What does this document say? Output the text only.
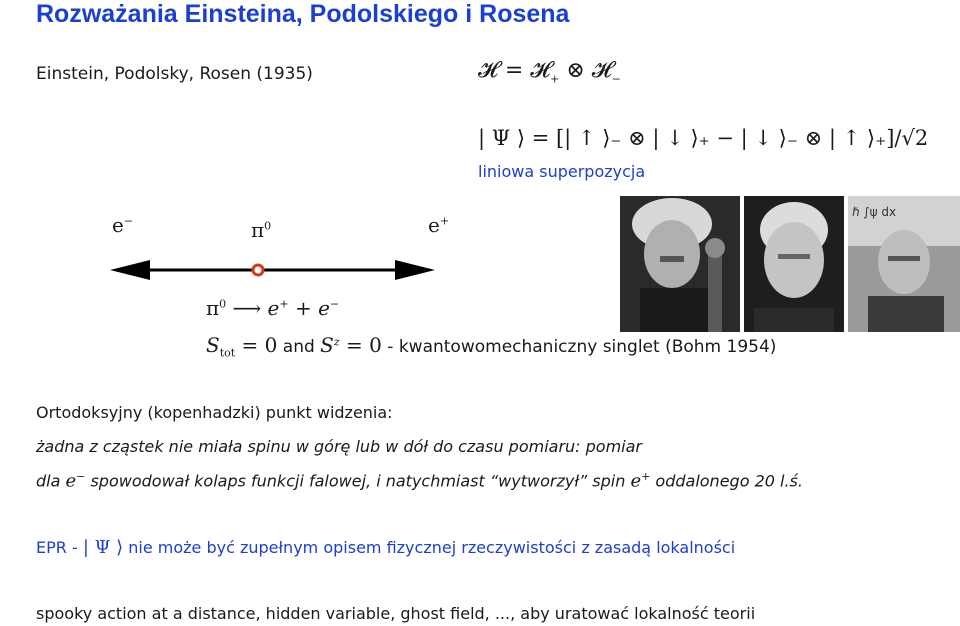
Rozważania Einsteina, Podolskiego i Rosena
Einstein, Podolsky, Rosen (1935)	𝓗 = 𝓗$_+$ ⊗ 𝓗$_-$
| Ψ ⟩ = [| ↑ ⟩₋ ⊗ | ↓ ⟩₊ − | ↓ ⟩₋ ⊗ | ↑ ⟩₊]/√2
liniowa superpozycja
e−	$\pi^0$	e+
$\pi^0$ ⟶ e+ + e−
$S_{tot} = 0$ and $S^z = 0$ - kwantowomechaniczny singlet (Bohm 1954)
ℏ ∫ψ dx
Ortodoksyjny (kopenhadzki) punkt widzenia:
żadna z cząstek nie miała spinu w górę lub w dół do czasu pomiaru: pomiar
dla e− spowodował kolaps funkcji falowej, i natychmiast “wytworzył” spin e+ oddalonego 20 l.ś.
EPR - | Ψ ⟩ nie może być zupełnym opisem fizycznej rzeczywistości z zasadą lokalności
spooky action at a distance, hidden variable, ghost field, ..., aby uratować lokalność teorii
